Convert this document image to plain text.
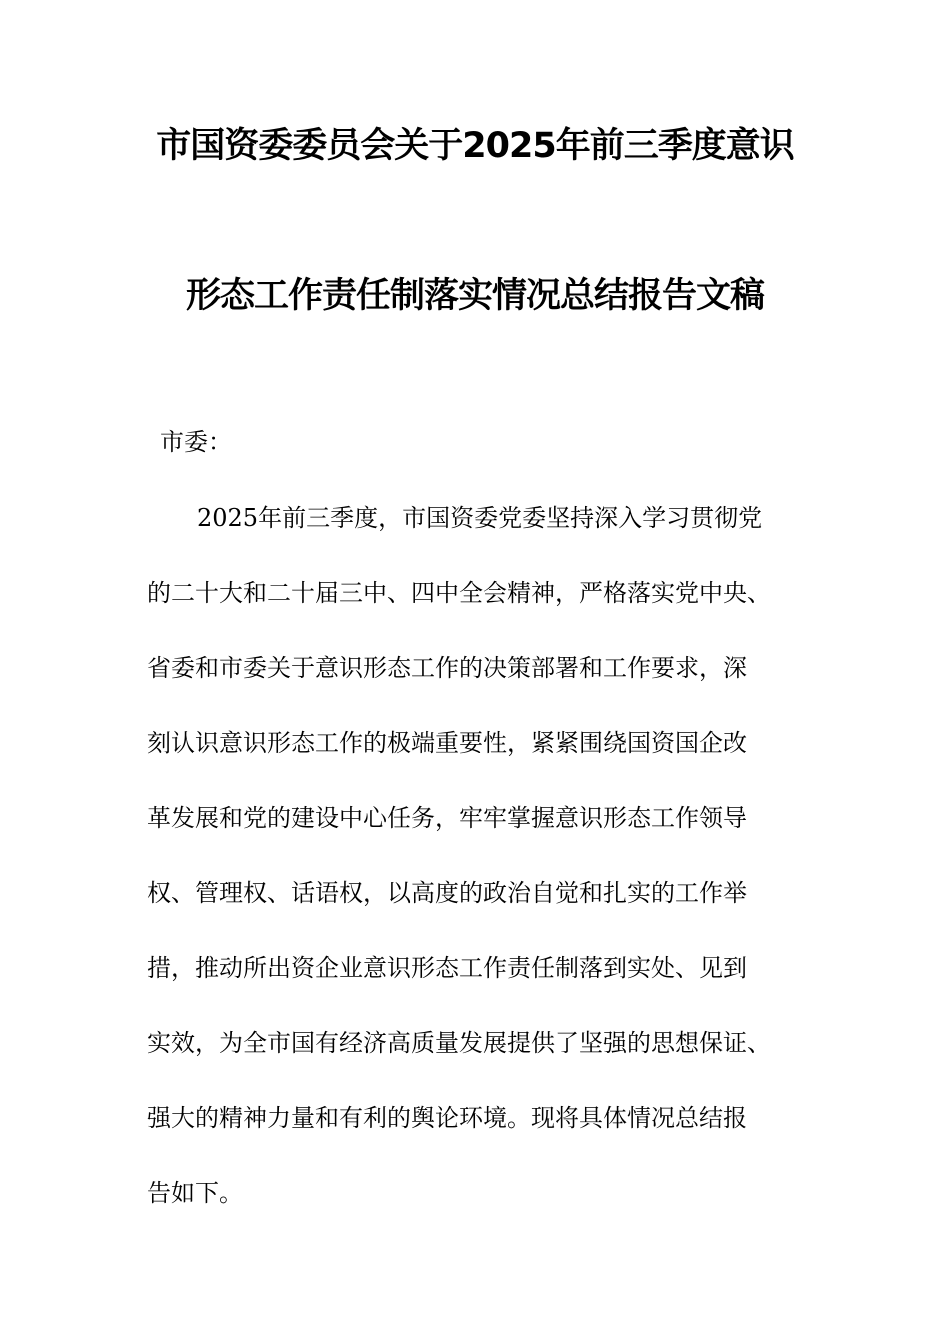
市国资委委员会关于2025年前三季度意识
形态工作责任制落实情况总结报告文稿
市委：
2025年前三季度，市国资委党委坚持深入学习贯彻党
的二十大和二十届三中、四中全会精神，严格落实党中央、
省委和市委关于意识形态工作的决策部署和工作要求，深
刻认识意识形态工作的极端重要性，紧紧围绕国资国企改
革发展和党的建设中心任务，牢牢掌握意识形态工作领导
权、管理权、话语权，以高度的政治自觉和扎实的工作举
措，推动所出资企业意识形态工作责任制落到实处、见到
实效，为全市国有经济高质量发展提供了坚强的思想保证、
强大的精神力量和有利的舆论环境。现将具体情况总结报
告如下。
